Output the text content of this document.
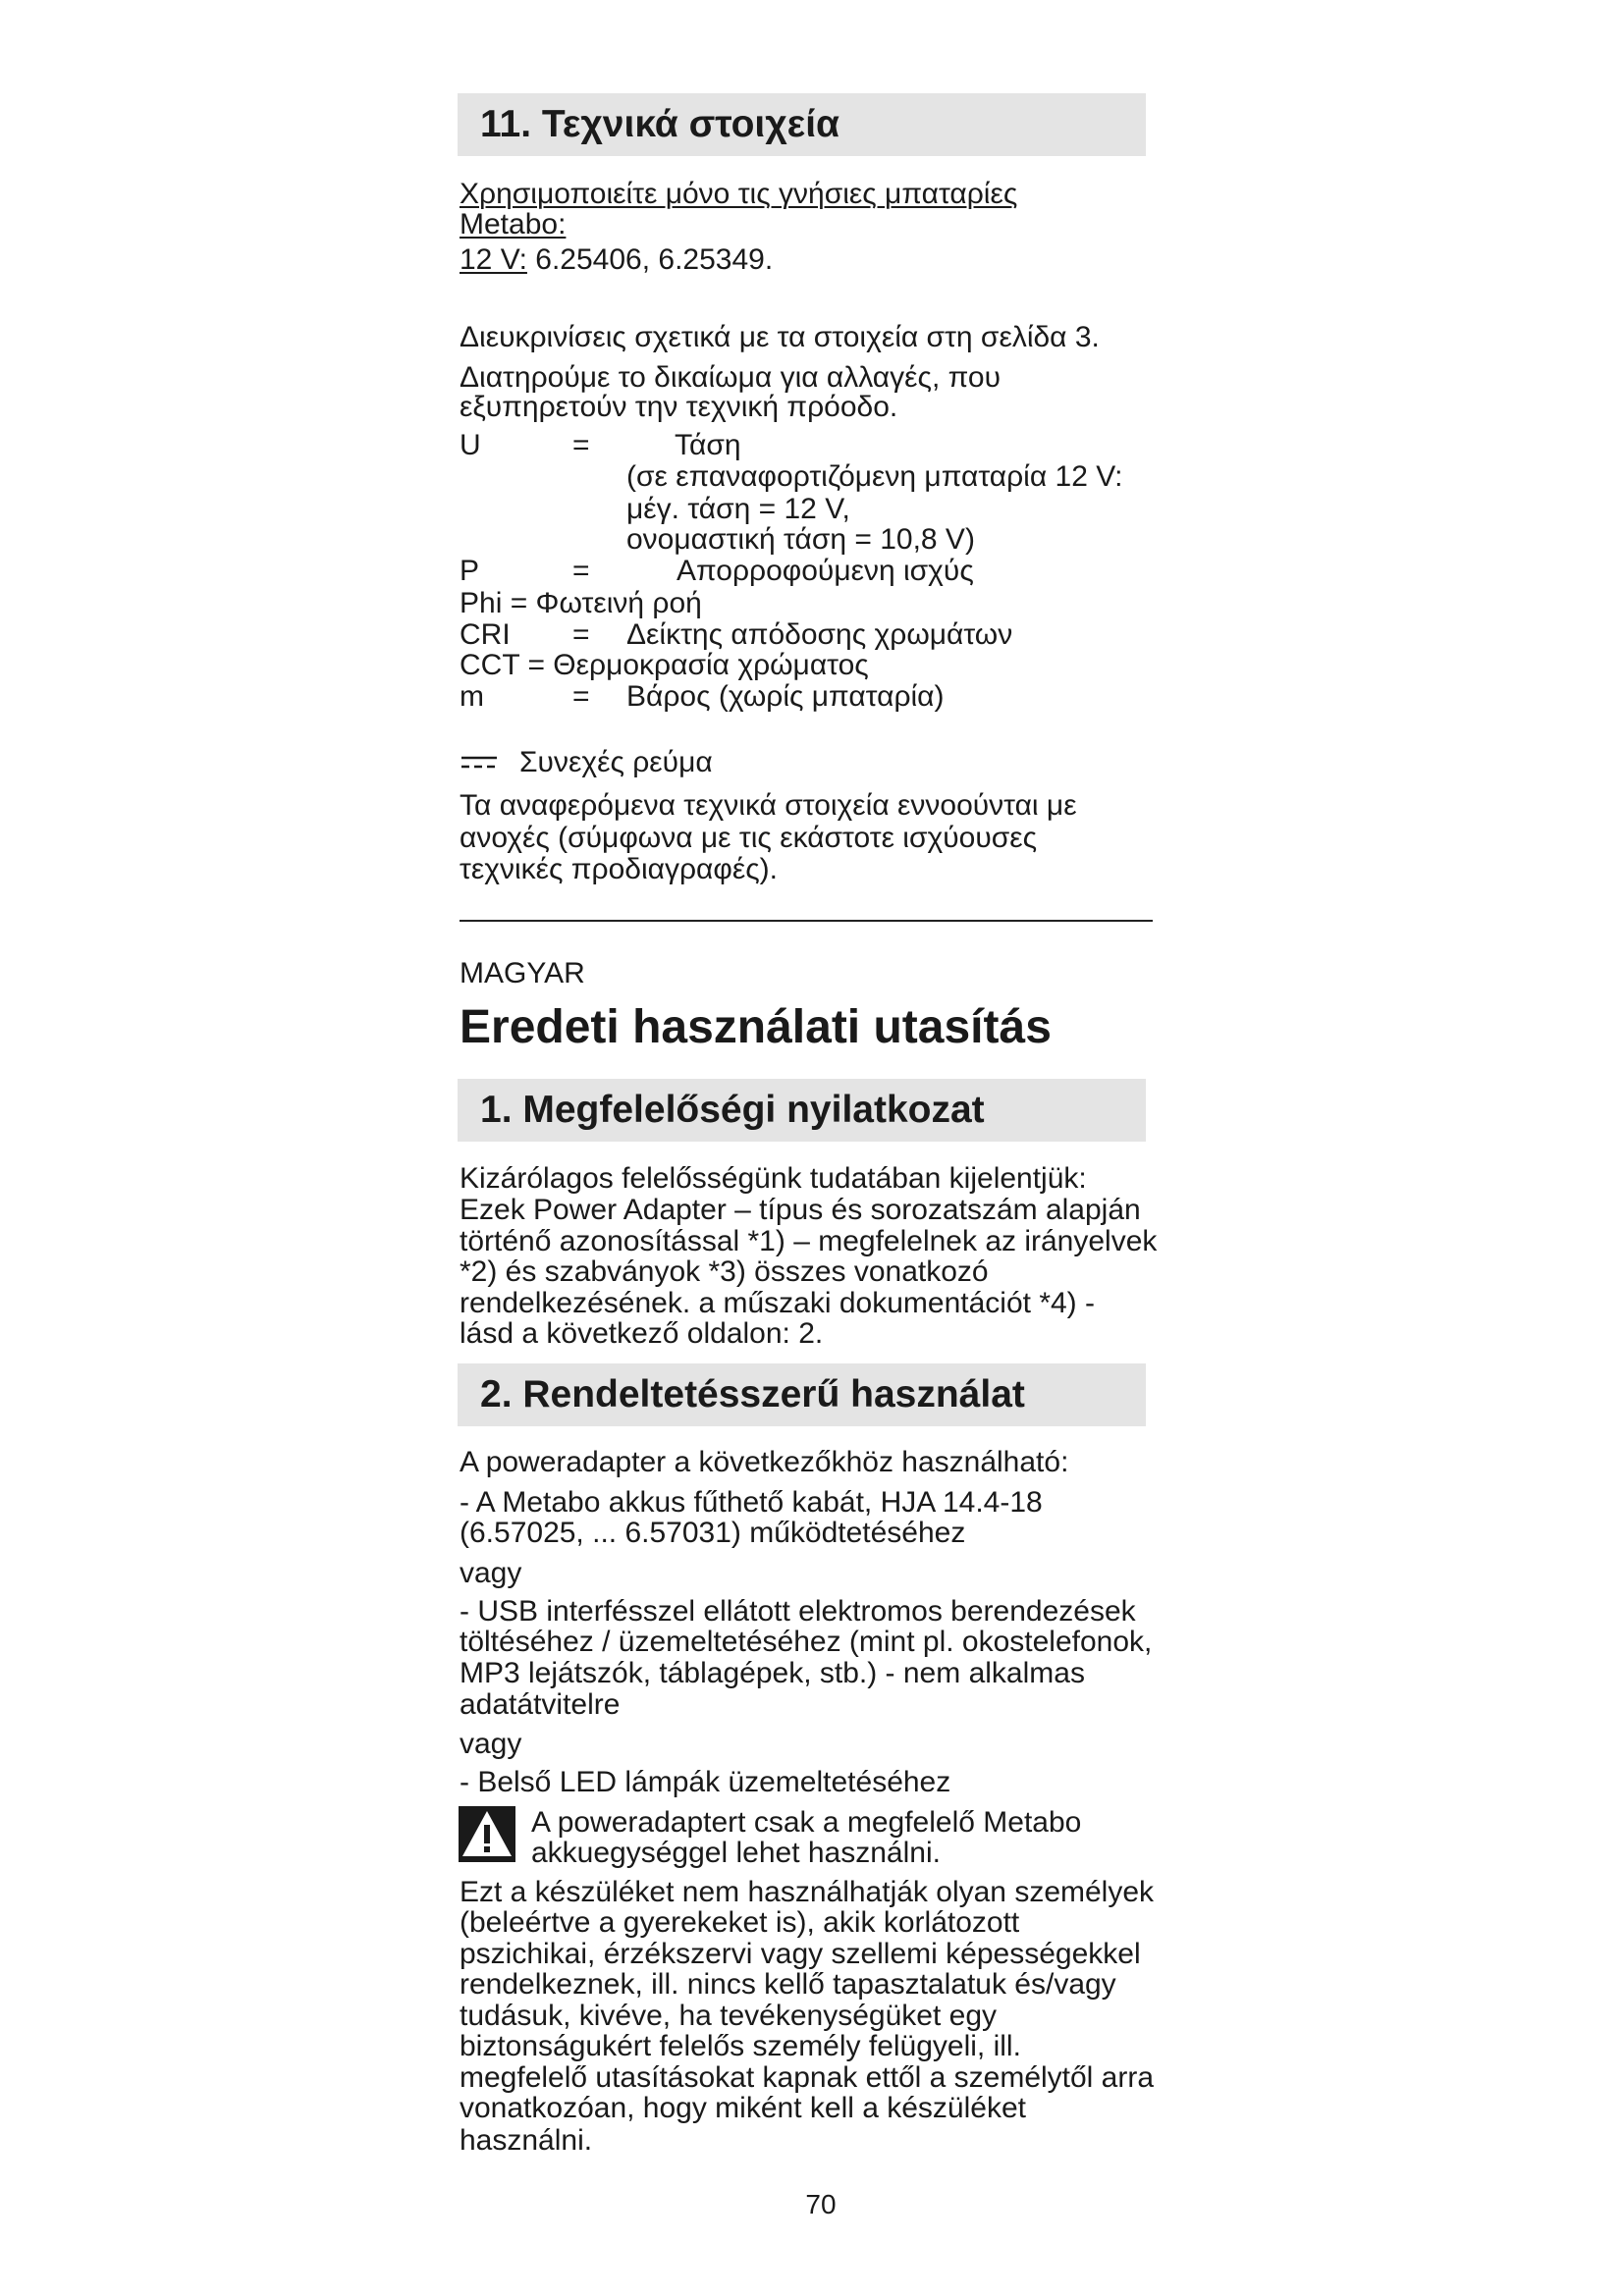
11. Τεχνικά στοιχεία
Χρησιμοποιείτε μόνο τις γνήσιες μπαταρίες
Metabo:
12 V: 6.25406, 6.25349.
Διευκρινίσεις σχετικά με τα στοιχεία στη σελίδα 3.
Διατηρούμε το δικαίωμα για αλλαγές, που
εξυπηρετούν την τεχνική πρόοδο.
U	=	Τάση
(σε επαναφορτιζόμενη μπαταρία 12 V:
μέγ. τάση = 12 V,
ονομαστική τάση = 10,8 V)
P	=	Απορροφούμενη ισχύς
Phi = Φωτεινή ροή
CRI = Δείκτης απόδοσης χρωμάτων
CCT = Θερμοκρασία χρώματος
m	= Βάρος (χωρίς μπαταρία)
Συνεχές ρεύμα
Τα αναφερόμενα τεχνικά στοιχεία εννοούνται με
ανοχές (σύμφωνα με τις εκάστοτε ισχύουσες
τεχνικές προδιαγραφές).
MAGYAR
Eredeti használati utasítás
1. Megfelelőségi nyilatkozat
Kizárólagos felelősségünk tudatában kijelentjük:
Ezek Power Adapter – típus és sorozatszám alapján
történő azonosítással *1) – megfelelnek az irányelvek
*2) és szabványok *3) összes vonatkozó
rendelkezésének. a műszaki dokumentációt *4) -
lásd a következő oldalon: 2.
2. Rendeltetésszerű használat
A poweradapter a következőkhöz használható:
- A Metabo akkus fűthető kabát, HJA 14.4-18
(6.57025, ... 6.57031) működtetéséhez
vagy
- USB interfésszel ellátott elektromos berendezések
töltéséhez / üzemeltetéséhez (mint pl. okostelefonok,
MP3 lejátszók, táblagépek, stb.) - nem alkalmas
adatátvitelre
vagy
- Belső LED lámpák üzemeltetéséhez
A poweradaptert csak a megfelelő Metabo
akkuegységgel lehet használni.
Ezt a készüléket nem használhatják olyan személyek
(beleértve a gyerekeket is), akik korlátozott
pszichikai, érzékszervi vagy szellemi képességekkel
rendelkeznek, ill. nincs kellő tapasztalatuk és/vagy
tudásuk, kivéve, ha tevékenységüket egy
biztonságukért felelős személy felügyeli, ill.
megfelelő utasításokat kapnak ettől a személytől arra
vonatkozóan, hogy miként kell a készüléket
használni.
70
